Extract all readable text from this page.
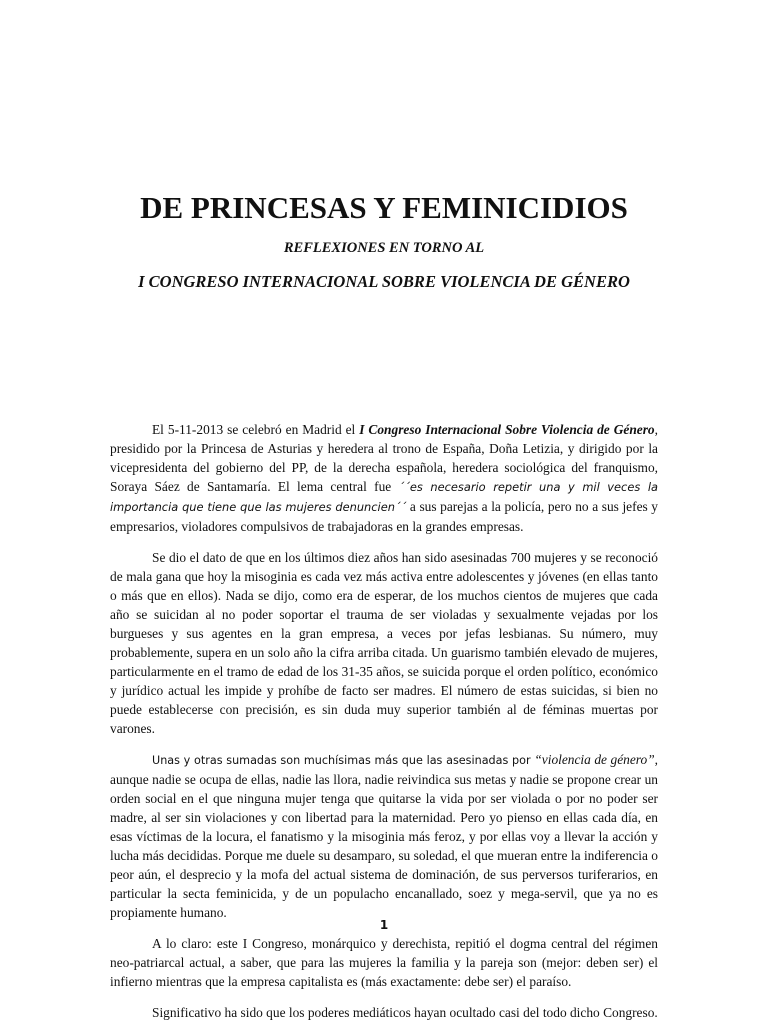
DE PRINCESAS Y FEMINICIDIOS
REFLEXIONES EN TORNO AL
I CONGRESO INTERNACIONAL SOBRE VIOLENCIA DE GÉNERO

El 5-11-2013 se celebró en Madrid el I Congreso Internacional Sobre Violencia de Género, presidido por la Princesa de Asturias y heredera al trono de España, Doña Letizia, y dirigido por la vicepresidenta del gobierno del PP, de la derecha española, heredera sociológica del franquismo, Soraya Sáez de Santamaría. El lema central fue ´´es necesario repetir una y mil veces la importancia que tiene que las mujeres denuncien´´ a sus parejas a la policía, pero no a sus jefes y empresarios, violadores compulsivos de trabajadoras en la grandes empresas.

Se dio el dato de que en los últimos diez años han sido asesinadas 700 mujeres y se reconoció de mala gana que hoy la misoginia es cada vez más activa entre adolescentes y jóvenes (en ellas tanto o más que en ellos). Nada se dijo, como era de esperar, de los muchos cientos de mujeres que cada año se suicidan al no poder soportar el trauma de ser violadas y sexualmente vejadas por los burgueses y sus agentes en la gran empresa, a veces por jefas lesbianas. Su número, muy probablemente, supera en un solo año la cifra arriba citada. Un guarismo también elevado de mujeres, particularmente en el tramo de edad de los 31-35 años, se suicida porque el orden político, económico y jurídico actual les impide y prohíbe de facto ser madres. El número de estas suicidas, si bien no puede establecerse con precisión, es sin duda muy superior también al de féminas muertas por varones.

Unas y otras sumadas son muchísimas más que las asesinadas por “violencia de género”, aunque nadie se ocupa de ellas, nadie las llora, nadie reivindica sus metas y nadie se propone crear un orden social en el que ninguna mujer tenga que quitarse la vida por ser violada o por no poder ser madre, al ser sin violaciones y con libertad para la maternidad. Pero yo pienso en ellas cada día, en esas víctimas de la locura, el fanatismo y la misoginia más feroz, y por ellas voy a llevar la acción y lucha más decididas. Porque me duele su desamparo, su soledad, el que mueran entre la indiferencia o peor aún, el desprecio y la mofa del actual sistema de dominación, de sus perversos turiferarios, en particular la secta feminicida, y de un populacho encanallado, soez y mega-servil, que ya no es propiamente humano.

A lo claro: este I Congreso, monárquico y derechista, repitió el dogma central del régimen neo-patriarcal actual, a saber, que para las mujeres la familia y la pareja son (mejor: deben ser) el infierno mientras que la empresa capitalista es (más exactamente: debe ser) el paraíso.

Significativo ha sido que los poderes mediáticos hayan ocultado casi del todo dicho Congreso.

1
